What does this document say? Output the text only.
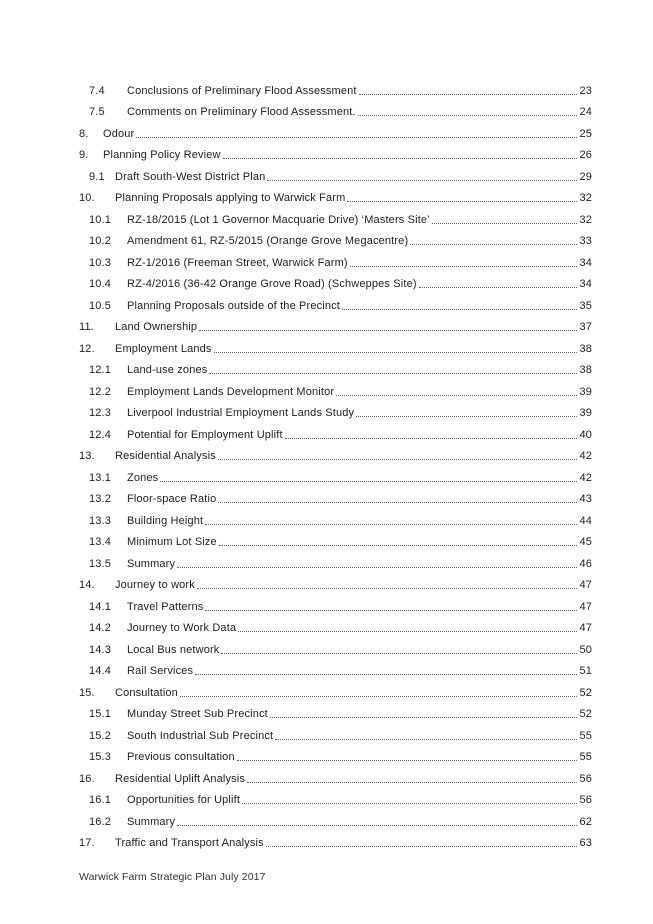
7.4	Conclusions of Preliminary Flood Assessment	23
7.5	Comments on Preliminary Flood Assessment.	24
8.	Odour	25
9.	Planning Policy Review	26
9.1 Draft South-West District Plan	29
10.	Planning Proposals applying to Warwick Farm	32
10.1	RZ-18/2015 (Lot 1 Governor Macquarie Drive) ‘Masters Site’	32
10.2	Amendment 61, RZ-5/2015 (Orange Grove Megacentre)	33
10.3	RZ-1/2016 (Freeman Street, Warwick Farm)	34
10.4	RZ-4/2016 (36-42 Orange Grove Road) (Schweppes Site)	34
10.5	Planning Proposals outside of the Precinct	35
11.	Land Ownership	37
12.	Employment Lands	38
12.1	Land-use zones	38
12.2	Employment Lands Development Monitor	39
12.3	Liverpool Industrial Employment Lands Study	39
12.4	Potential for Employment Uplift	40
13.	Residential Analysis	42
13.1	Zones	42
13.2	Floor-space Ratio	43
13.3	Building Height	44
13.4	Minimum Lot Size	45
13.5	Summary	46
14.	Journey to work	47
14.1	Travel Patterns	47
14.2	Journey to Work Data	47
14.3	Local Bus network	50
14.4	Rail Services	51
15.	Consultation	52
15.1	Munday Street Sub Precinct	52
15.2	South Industrial Sub Precinct	55
15.3	Previous consultation	55
16.	Residential Uplift Analysis	56
16.1	Opportunities for Uplift	56
16.2	Summary	62
17.	Traffic and Transport Analysis	63
Warwick Farm Strategic Plan July 2017
